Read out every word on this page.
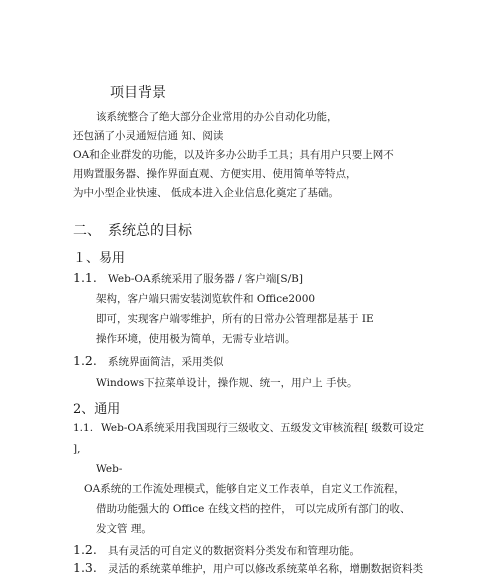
项目背景
该系统整合了绝大部分企业常用的办公自动化功能，
还包涵了小灵通短信通 知、阅读
OA和企业群发的功能，以及许多办公助手工具；具有用户只要上网不
用购置服务器、操作界面直观、方便实用、使用简单等特点，
为中小型企业快速、 低成本进入企业信息化奠定了基础。
二、 系统总的目标
１、易用
1.1. Web-OA系统采用了服务器 / 客户端[S/B]
架构，客户端只需安装浏览软件和 Office2000
即可，实现客户端零维护，所有的日常办公管理都是基于 IE
操作环境，使用极为简单，无需专业培训。
1.2. 系统界面简洁，采用类似
Windows下拉菜单设计，操作规、统一，用户上 手快。
2、通用
1.1. Web-OA系统采用我国现行三级收文、五级发文审核流程[ 级数可设定
],
Web-
OA系统的工作流处理模式，能够自定义工作表单，自定义工作流程，
借助功能强大的 Office 在线文档的控件， 可以完成所有部门的收、
发文管 理。
1.2. 具有灵活的可自定义的数据资料分类发布和管理功能。
1.3. 灵活的系统菜单维护，用户可以修改系统菜单名称，增删数据资料类
